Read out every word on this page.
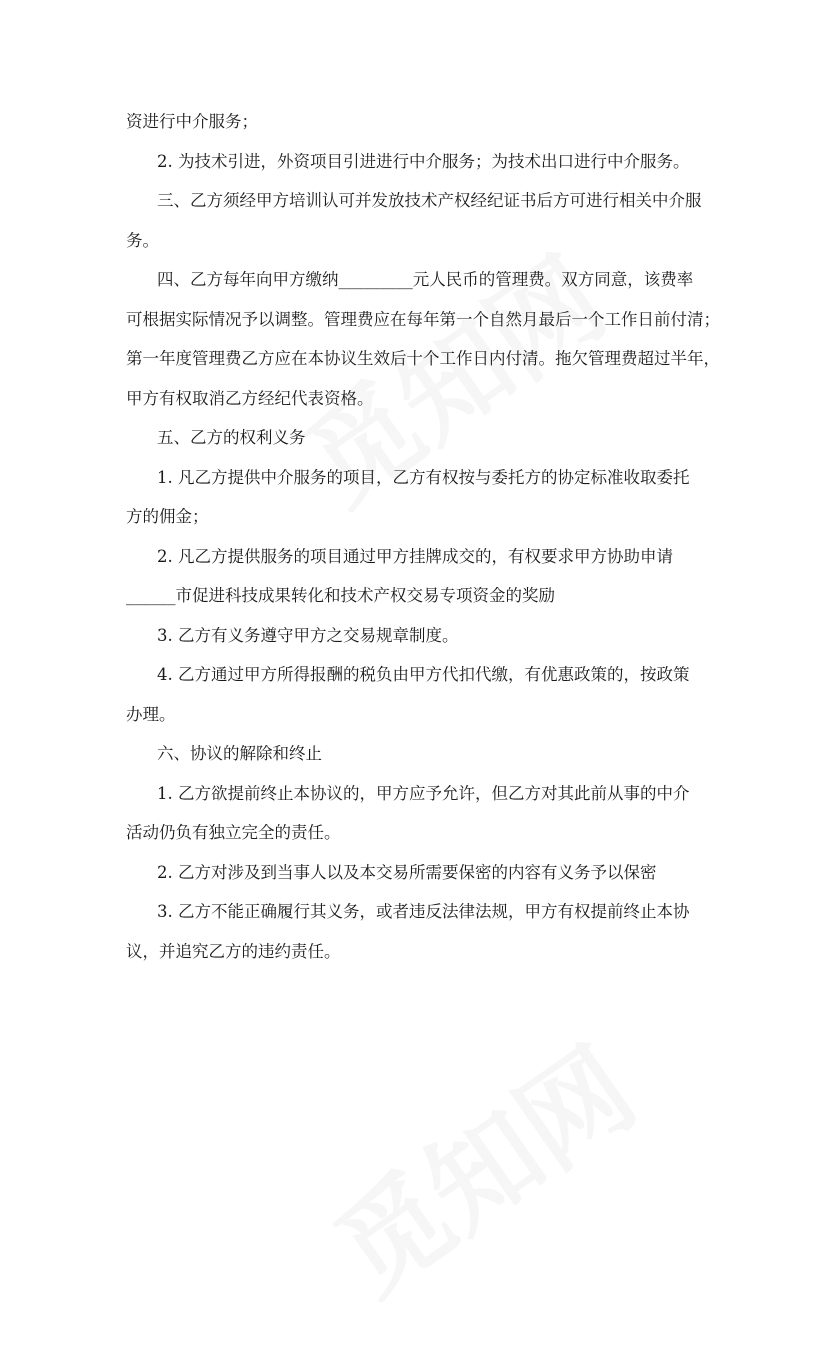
资进行中介服务；

2. 为技术引进，外资项目引进进行中介服务；为技术出口进行中介服务。

三、乙方须经甲方培训认可并发放技术产权经纪证书后方可进行相关中介服

务。

四、乙方每年向甲方缴纳_________元人民币的管理费。双方同意，该费率

可根据实际情况予以调整。管理费应在每年第一个自然月最后一个工作日前付清；

第一年度管理费乙方应在本协议生效后十个工作日内付清。拖欠管理费超过半年，

甲方有权取消乙方经纪代表资格。

五、乙方的权利义务

1. 凡乙方提供中介服务的项目，乙方有权按与委托方的协定标准收取委托

方的佣金；

2. 凡乙方提供服务的项目通过甲方挂牌成交的，有权要求甲方协助申请

______市促进科技成果转化和技术产权交易专项资金的奖励

3. 乙方有义务遵守甲方之交易规章制度。

4. 乙方通过甲方所得报酬的税负由甲方代扣代缴，有优惠政策的，按政策

办理。

六、协议的解除和终止

1. 乙方欲提前终止本协议的，甲方应予允许，但乙方对其此前从事的中介

活动仍负有独立完全的责任。

2. 乙方对涉及到当事人以及本交易所需要保密的内容有义务予以保密

3. 乙方不能正确履行其义务，或者违反法律法规，甲方有权提前终止本协

议，并追究乙方的违约责任。
